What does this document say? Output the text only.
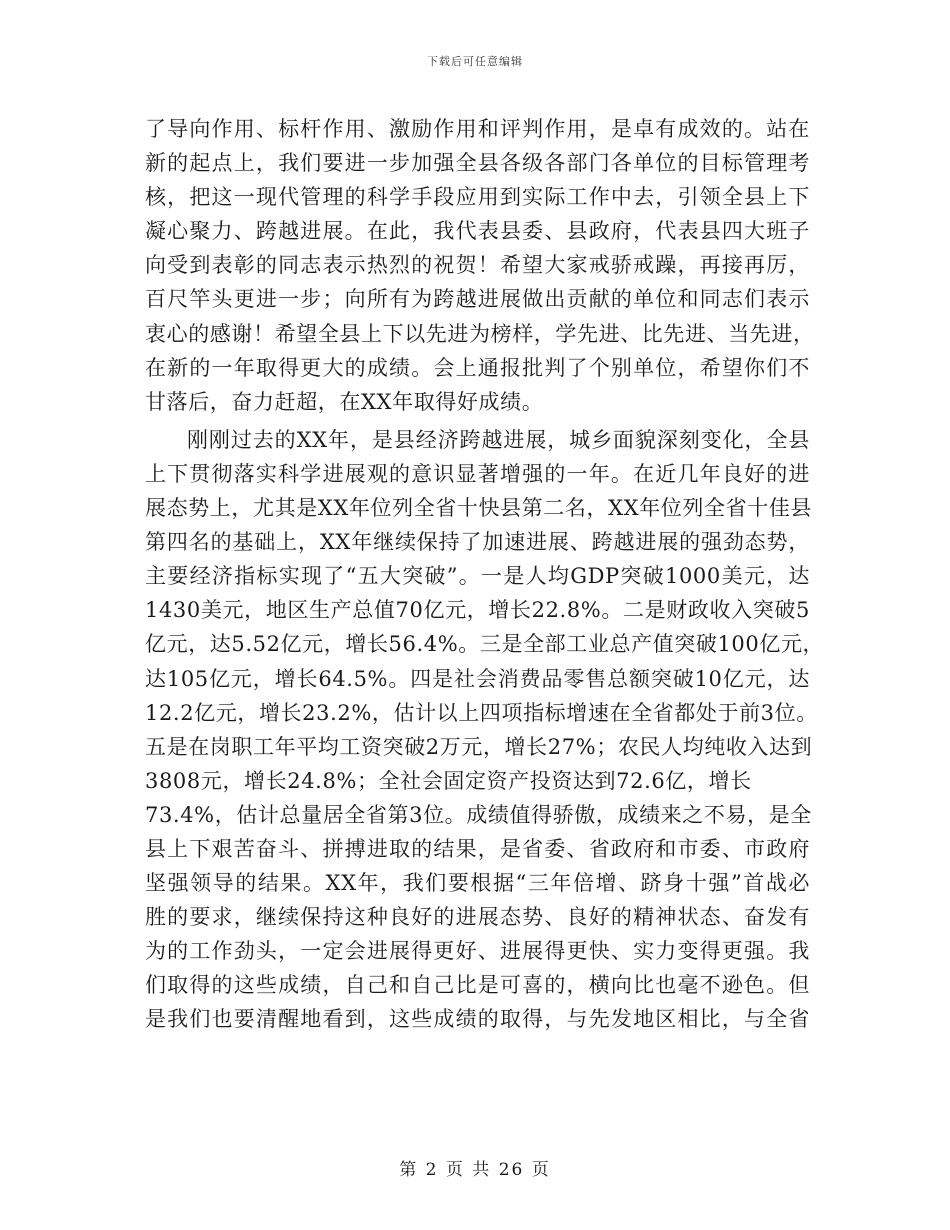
下载后可任意编辑
了导向作用、标杆作用、激励作用和评判作用，是卓有成效的。站在
新的起点上，我们要进一步加强全县各级各部门各单位的目标管理考
核，把这一现代管理的科学手段应用到实际工作中去，引领全县上下
凝心聚力、跨越进展。在此，我代表县委、县政府，代表县四大班子
向受到表彰的同志表示热烈的祝贺！希望大家戒骄戒躁，再接再厉，
百尺竿头更进一步；向所有为跨越进展做出贡献的单位和同志们表示
衷心的感谢！希望全县上下以先进为榜样，学先进、比先进、当先进，
在新的一年取得更大的成绩。会上通报批判了个别单位，希望你们不
甘落后，奋力赶超，在XX年取得好成绩。
刚刚过去的XX年，是县经济跨越进展，城乡面貌深刻变化，全县
上下贯彻落实科学进展观的意识显著增强的一年。在近几年良好的进
展态势上，尤其是XX年位列全省十快县第二名，XX年位列全省十佳县
第四名的基础上，XX年继续保持了加速进展、跨越进展的强劲态势，
主要经济指标实现了“五大突破”。一是人均GDP突破1000美元，达
1430美元，地区生产总值70亿元，增长22.8%。二是财政收入突破5
亿元，达5.52亿元，增长56.4%。三是全部工业总产值突破100亿元，
达105亿元，增长64.5%。四是社会消费品零售总额突破10亿元，达
12.2亿元，增长23.2%，估计以上四项指标增速在全省都处于前3位。
五是在岗职工年平均工资突破2万元，增长27%；农民人均纯收入达到
3808元，增长24.8%；全社会固定资产投资达到72.6亿，增长
73.4%，估计总量居全省第3位。成绩值得骄傲，成绩来之不易，是全
县上下艰苦奋斗、拼搏进取的结果，是省委、省政府和市委、市政府
坚强领导的结果。XX年，我们要根据“三年倍增、跻身十强”首战必
胜的要求，继续保持这种良好的进展态势、良好的精神状态、奋发有
为的工作劲头，一定会进展得更好、进展得更快、实力变得更强。我
们取得的这些成绩，自己和自己比是可喜的，横向比也毫不逊色。但
是我们也要清醒地看到，这些成绩的取得，与先发地区相比，与全省
第 2 页 共 26 页
